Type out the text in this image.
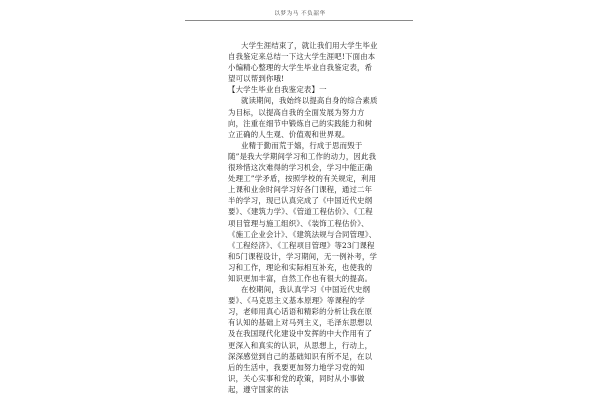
以梦为马 不负韶华

大学生涯结束了，就让我们用大学生毕业自我鉴定来总结一下这大学生涯吧!下面由本小编精心整理的大学生毕业自我鉴定表，希望可以帮到你哦!

【大学生毕业自我鉴定表】一

就读期间，我始终以提高自身的综合素质为目标，以提高自我的全面发展为努力方向，注重在细节中锻炼自己的实践能力和树立正确的人生观、价值观和世界观。

业精于勤而荒于嬉，行成于思而毁于随”是我大学期间学习和工作的动力，因此我很珍惜这次难得的学习机会，学习中能正确处理工”学矛盾，按照学校的有关规定，利用上课和业余时间学习好各门课程，通过二年半的学习，现已认真完成了《中国近代史纲要》、《建筑力学》、《管道工程估价》、《工程项目管理与施工组织》、《装饰工程估价》、《施工企业会计》、《建筑法规与合同管理》、《工程经济》、《工程项目管理》等23门课程和5门课程设计，学习期间，无一例补考，学习和工作，理论和实际相互补充，也使我的知识更加丰富，自然工作也有很大的提高。

在校期间，我认真学习《中国近代史纲要》、《马克思主义基本原理》等课程的学习，老师用真心话语和精彩的分析让我在原有认知的基础上对马列主义，毛泽东思想以及在我国现代化建设中发挥的中大作用有了更深入和真实的认识，从思想上，行动上，深深感觉到自己的基础知识有所不足，在以后的生活中，我要更加努力地学习党的知识，关心实事和党的政策，同时从小事做起，遵守国家的法

1
